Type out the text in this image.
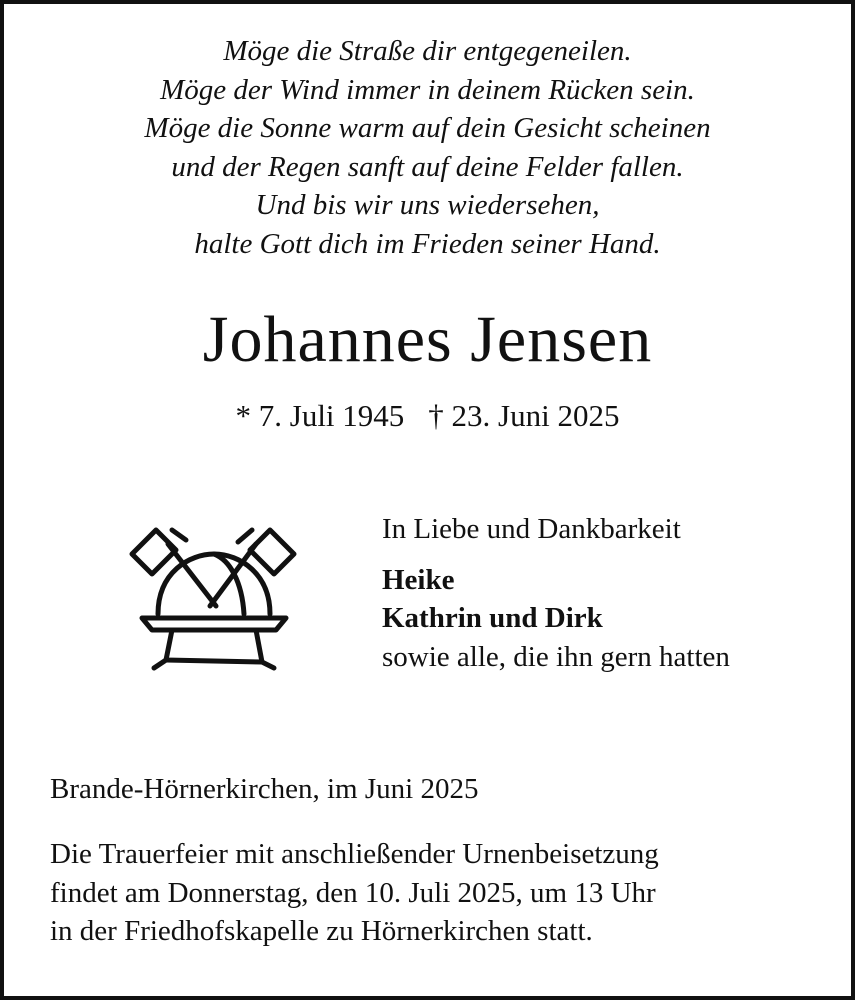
Möge die Straße dir entgegeneilen.
Möge der Wind immer in deinem Rücken sein.
Möge die Sonne warm auf dein Gesicht scheinen
und der Regen sanft auf deine Felder fallen.
Und bis wir uns wiedersehen,
halte Gott dich im Frieden seiner Hand.
Johannes Jensen
* 7. Juli 1945 † 23. Juni 2025
In Liebe und Dankbarkeit
Heike
Kathrin und Dirk
sowie alle, die ihn gern hatten
Brande-Hörnerkirchen, im Juni 2025
Die Trauerfeier mit anschließender Urnenbeisetzung
findet am Donnerstag, den 10. Juli 2025, um 13 Uhr
in der Friedhofskapelle zu Hörnerkirchen statt.
